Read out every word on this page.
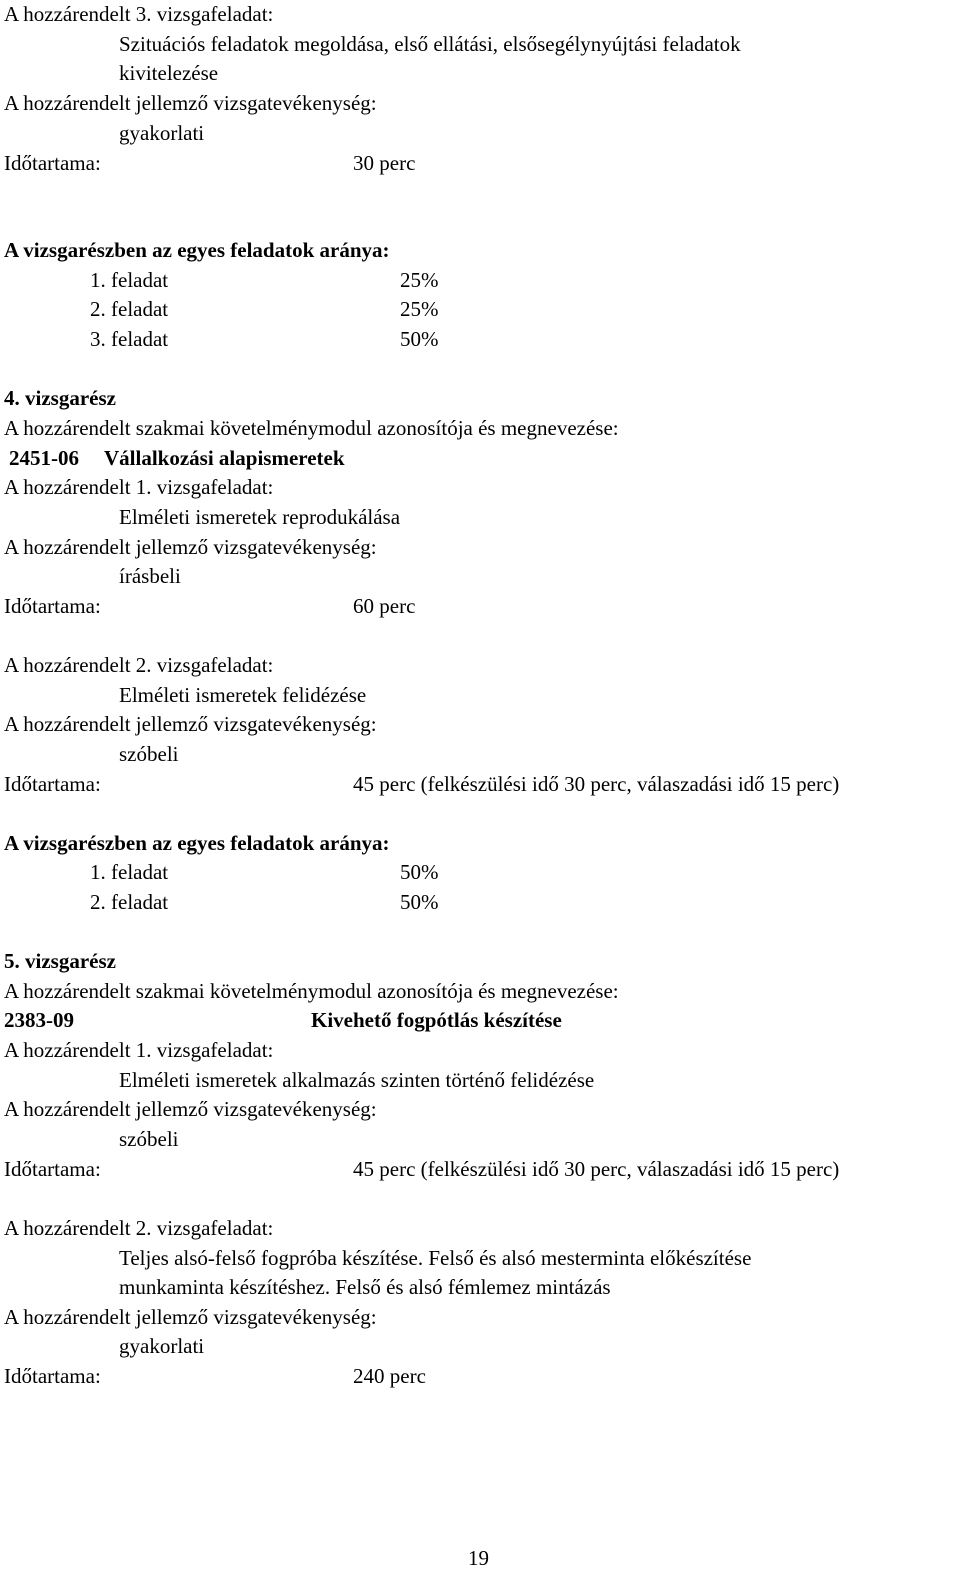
A hozzárendelt 3. vizsgafeladat:
Szituációs feladatok megoldása, első ellátási, elsősegélynyújtási feladatok
kivitelezése
A hozzárendelt jellemző vizsgatevékenység:
gyakorlati
Időtartama:	30 perc
A vizsgarészben az egyes feladatok aránya:
1. feladat	25%
2. feladat	25%
3. feladat	50%
4. vizsgarész
A hozzárendelt szakmai követelménymodul azonosítója és megnevezése:
2451-06 Vállalkozási alapismeretek
A hozzárendelt 1. vizsgafeladat:
Elméleti ismeretek reprodukálása
A hozzárendelt jellemző vizsgatevékenység:
írásbeli
Időtartama:	60 perc
A hozzárendelt 2. vizsgafeladat:
Elméleti ismeretek felidézése
A hozzárendelt jellemző vizsgatevékenység:
szóbeli
Időtartama:	45 perc (felkészülési idő 30 perc, válaszadási idő 15 perc)
A vizsgarészben az egyes feladatok aránya:
1. feladat	50%
2. feladat	50%
5. vizsgarész
A hozzárendelt szakmai követelménymodul azonosítója és megnevezése:
2383-09	Kivehető fogpótlás készítése
A hozzárendelt 1. vizsgafeladat:
Elméleti ismeretek alkalmazás szinten történő felidézése
A hozzárendelt jellemző vizsgatevékenység:
szóbeli
Időtartama:	45 perc (felkészülési idő 30 perc, válaszadási idő 15 perc)
A hozzárendelt 2. vizsgafeladat:
Teljes alsó-felső fogpróba készítése. Felső és alsó mesterminta előkészítése
munkaminta készítéshez. Felső és alsó fémlemez mintázás
A hozzárendelt jellemző vizsgatevékenység:
gyakorlati
Időtartama:	240 perc
19
